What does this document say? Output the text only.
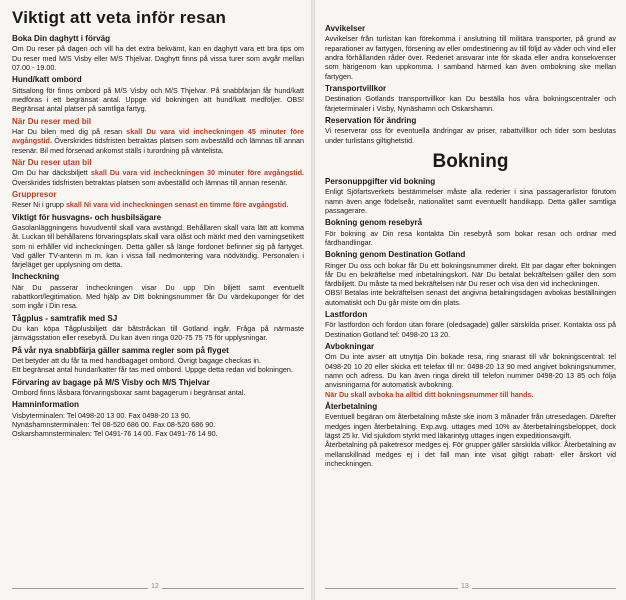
Viktigt att veta inför resan

Boka Din daghytt i förväg

Om Du reser på dagen och vill ha det extra bekvämt, kan en daghytt vara ett bra tips om Du reser med M/S Visby eller M/S Thjelvar. Daghytt finns på vissa turer som avgår mellan 07.00 - 19.00.

Hund/katt ombord

Sittsalong för finns ombord på M/S Visby och M/S Thjelvar. På snabbfärjan får hund/katt medföras i ett begränsat antal. Uppge vid bokningen att hund/katt medföljer. OBS! Begränsat antal platser på samtliga fartyg.

När Du reser med bil

Har Du bilen med dig på resan skall Du vara vid incheckningen 45 minuter före avgångstid. Överskrides tidsfristen betraktas platsen som avbeställd och lämnas till annan resenär. Bil med försenad ankomst ställs i turordning på väntelista.

När Du reser utan bil

Om Du har däcksbiljett skall Du vara vid incheckningen 30 minuter före avgångstid. Överskrides tidsfristen betraktas platsen som avbeställd och lämnas till annan resenär.

Gruppresor

Reser Ni i grupp skall Ni vara vid incheckningen senast en timme före avgångstid.

Viktigt för husvagns- och husbilsägare

Gasolanläggningens huvudventil skall vara avstängd. Behållaren skall vara lätt att komma åt. Luckan till behållarens förvaringsplats skall vara olåst och märkt med den varningsetikett som ni erhåller vid incheckningen. Detta gäller så länge fordonet befinner sig på fartyget. Vad gäller TV-antenn m m. kan i vissa fall nedmontering vara nödvändig. Personalen i färjeläget ger upplysning om detta.

Incheckning

När Du passerar incheckningen visar Du upp Din biljett samt eventuellt rabattkort/legitimation. Med hjälp av Ditt bokningsnummer får Du värdekuponger för det som ingår i Din resa.

Tågplus - samtrafik med SJ

Du kan köpa Tågplusbiljett där båtstråckan till Gotland ingår. Fråga på närmaste järnvägsstation eller resebyrå. Du kan även ringa 020-75 75 75 för upplysningar.

På vår nya snabbfärja gäller samma regler som på flyget

Det betyder att du får ta med handbagaget ombord. Övrigt bagage checkas in.
Ett begränsat antal hundar/katter får tas med ombord. Uppge detta redan vid bokningen.

Förvaring av bagage på M/S Visby och M/S Thjelvar

Ombord finns låsbara förvaringsboxar samt bagagerum i begränsat antal.

Hamninformation

Visbyterminalen: Tel 0498-20 13 00. Fax 0498-20 13 90.
Nynäshamnsterminalen: Tel 08-520 686 00. Fax 08-520 686 90.
Oskarshamnsterminalen: Tel 0491-76 14 00. Fax 0491-76 14 90.

12

Avvikelser

Avvikelser från turlistan kan förekomma i anslutning till militära transporter, på grund av reparationer av fartygen, försening av eller omdestinering av till följd av väder och vind eller andra förhållanden råder över. Rederiet ansvarar inte för skada eller andra konsekvenser som härigenom kan uppkomma. I samband härmed kan även ombokning ske mellan fartygen.

Transportvillkor

Destination Gotlands transportvillkor kan Du beställa hos våra bokningscentraler och färjeterminaler i Visby, Nynäshamn och Oskarshamn.

Reservation för ändring

Vi reserverar oss för eventuella ändringar av priser, rabattvillkor och tider som beslutas under turlistans giltighetstid.

Bokning

Personuppgifter vid bokning

Enligt Sjöfartsverkets bestämmelser måste alla rederier i sina passagerarlistor förutom namn även ange födelseår, nationalitet samt eventuellt handikapp. Detta gäller samtliga passagerare.

Bokning genom resebyrå

För bokning av Din resa kontakta Din resebyrå som bokar resan och ordnar med färdhandlingar.

Bokning genom Destination Gotland

Ringer Du oss och bokar får Du ett bokningsnummer direkt. Ett par dagar efter bokningen får Du en bekräftelse med inbetalningskort. När Du betalat bekräftelsen gäller den som färdbiljett. Du måste ta med bekräftelsen när Du reser och visa den vid incheckningen.
OBS! Betalas inte bekräftelsen senast det angivna betalningsdagen avbokas beställningen automatiskt och Du går miste om din plats.

Lastfordon

För lastfordon och fordon utan förare (oledsagade) gäller särskilda priser. Kontakta oss på Destination Gotland tel: 0498-20 13 20.

Avbokningar

Om Du inte avser att utnyttja Din bokade resa, ring snarast till vår bokningscentral: tel 0498-20 10 20 eller skicka ett telefax till nr: 0498-20 13 90 med angivet bokningsnummer, namn och adress. Du kan även ringa direkt till telefon nummer 0498-20 13 85 och följa anvisningarna för automatisk avbokning.
När Du skall avboka ha alltid ditt bokningsnummer till hands.

Återbetalning

Eventuell begäran om återbetalning måste ske inom 3 månader från utresedagen. Därefter medges ingen återbetalning. Exp.avg. uttages med 10% av återbetalningsbeloppet, dock lägst 25 kr. Vid sjukdom styrkt med läkarintyg uttages ingen expeditionsavgift.
Återbetalning på paketresor medges ej. För grupper gäller särskilda villkor. Återbetalning av mellanskillnad medges ej i det fall man inte visat giltigt rabatt- eller årskort vid incheckningen.

13
